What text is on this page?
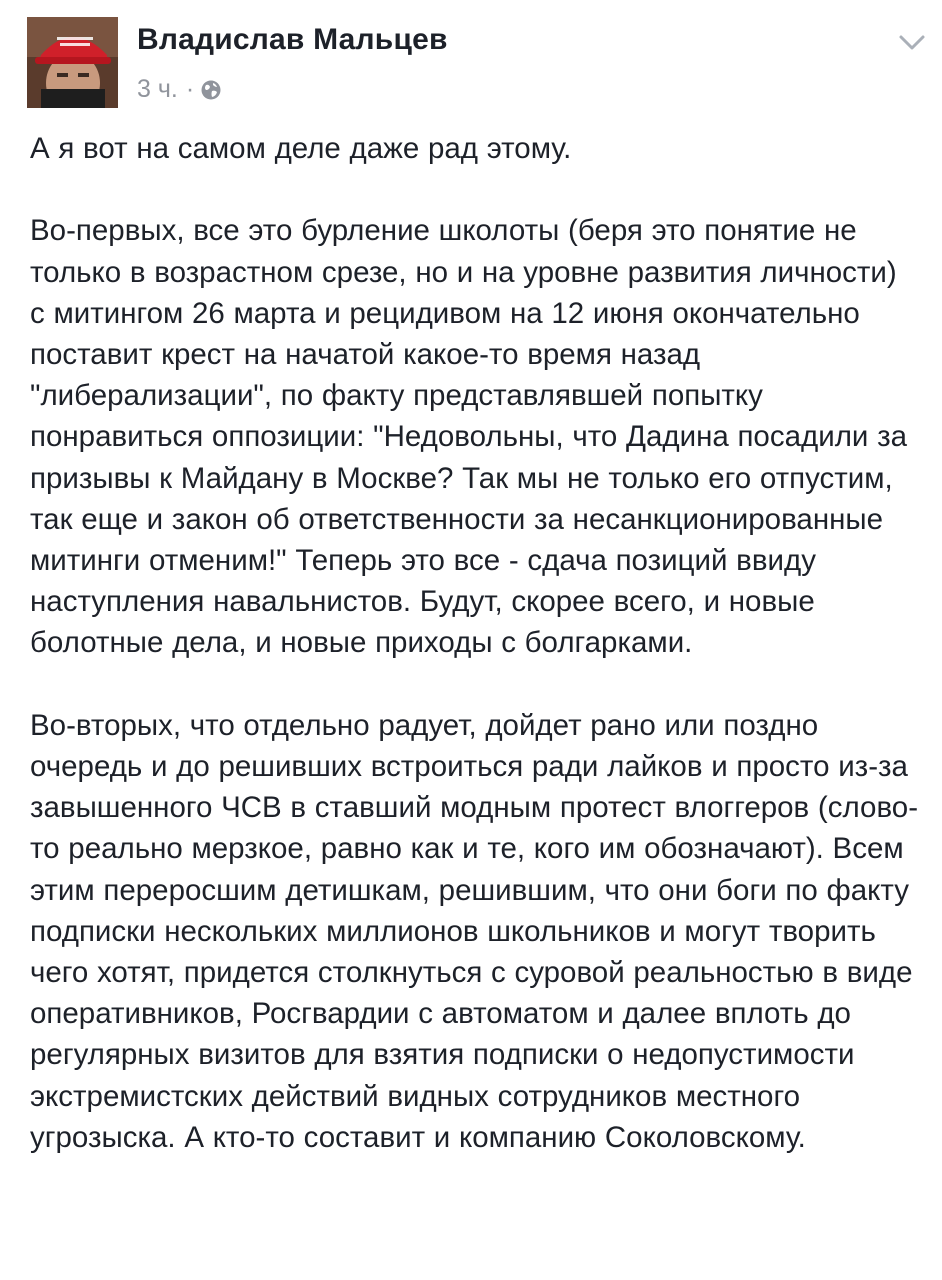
Владислав Мальцев
3 ч. ·

А я вот на самом деле даже рад этому.

Во-первых, все это бурление школоты (беря это понятие не только в возрастном срезе, но и на уровне развития личности) с митингом 26 марта и рецидивом на 12 июня окончательно поставит крест на начатой какое-то время назад "либерализации", по факту представлявшей попытку понравиться оппозиции: "Недовольны, что Дадина посадили за призывы к Майдану в Москве? Так мы не только его отпустим, так еще и закон об ответственности за несанкционированные митинги отменим!" Теперь это все - сдача позиций ввиду наступления навальнистов. Будут, скорее всего, и новые болотные дела, и новые приходы с болгарками.

Во-вторых, что отдельно радует, дойдет рано или поздно очередь и до решивших встроиться ради лайков и просто из-за завышенного ЧСВ в ставший модным протест влоггеров (слово-то реально мерзкое, равно как и те, кого им обозначают). Всем этим переросшим детишкам, решившим, что они боги по факту подписки нескольких миллионов школьников и могут творить чего хотят, придется столкнуться с суровой реальностью в виде оперативников, Росгвардии с автоматом и далее вплоть до регулярных визитов для взятия подписки о недопустимости экстремистских действий видных сотрудников местного угрозыска. А кто-то составит и компанию Соколовскому.
